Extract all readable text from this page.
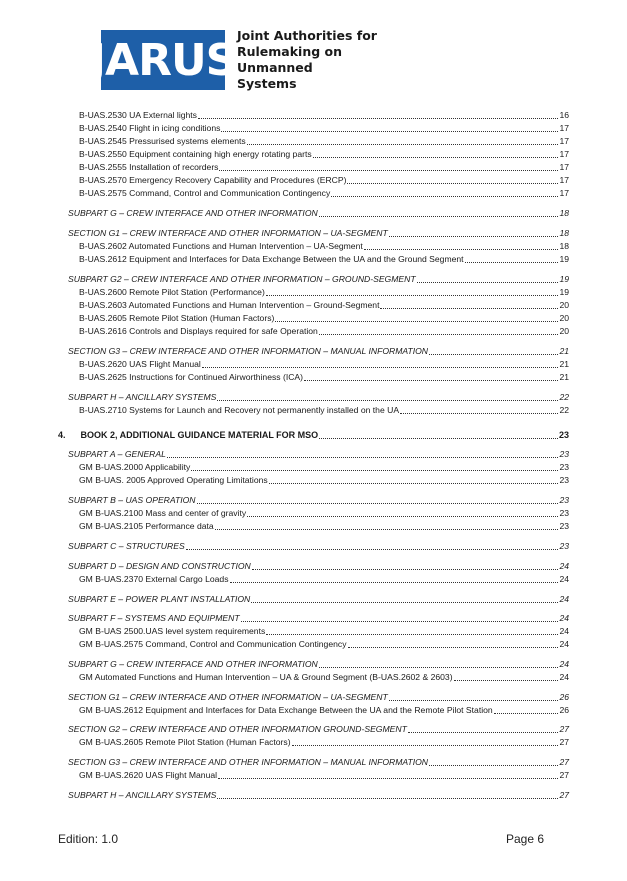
JARUS Joint Authorities for
Rulemaking on Unmanned
Systems
B-UAS.2530 UA External lights	16
B-UAS.2540 Flight in icing conditions	17
B-UAS.2545 Pressurised systems elements	17
B-UAS.2550 Equipment containing high energy rotating parts	17
B-UAS.2555 Installation of recorders	17
B-UAS.2570 Emergency Recovery Capability and Procedures (ERCP)	17
B-UAS.2575 Command, Control and Communication Contingency	17
SUBPART G – CREW INTERFACE AND OTHER INFORMATION	18
SECTION G1 – CREW INTERFACE AND OTHER INFORMATION – UA-SEGMENT	18
B-UAS.2602 Automated Functions and Human Intervention – UA-Segment	18
B-UAS.2612 Equipment and Interfaces for Data Exchange Between the UA and the Ground Segment	19
SUBPART G2 – CREW INTERFACE AND OTHER INFORMATION – GROUND-SEGMENT	19
B-UAS.2600 Remote Pilot Station (Performance)	19
B-UAS.2603 Automated Functions and Human Intervention – Ground-Segment	20
B-UAS.2605 Remote Pilot Station (Human Factors)	20
B-UAS.2616 Controls and Displays required for safe Operation	20
SECTION G3 – CREW INTERFACE AND OTHER INFORMATION – MANUAL INFORMATION	21
B-UAS.2620 UAS Flight Manual	21
B-UAS.2625 Instructions for Continued Airworthiness (ICA)	21
SUBPART H – ANCILLARY SYSTEMS	22
B-UAS.2710 Systems for Launch and Recovery not permanently installed on the UA	22
4.      BOOK 2, ADDITIONAL GUIDANCE MATERIAL FOR MSO	23
SUBPART A – GENERAL	23
GM B-UAS.2000 Applicability	23
GM B-UAS. 2005 Approved Operating Limitations	23
SUBPART B – UAS OPERATION	23
GM B-UAS.2100 Mass and center of gravity	23
GM B-UAS.2105 Performance data	23
SUBPART C – STRUCTURES	23
SUBPART D – DESIGN AND CONSTRUCTION	24
GM B-UAS.2370 External Cargo Loads	24
SUBPART E – POWER PLANT INSTALLATION	24
SUBPART F – SYSTEMS AND EQUIPMENT	24
GM B-UAS 2500.UAS level system requirements	24
GM B-UAS.2575 Command, Control and Communication Contingency	24
SUBPART G – CREW INTERFACE AND OTHER INFORMATION	24
GM Automated Functions and Human Intervention – UA & Ground Segment (B-UAS.2602 & 2603)	24
SECTION G1 – CREW INTERFACE AND OTHER INFORMATION – UA-SEGMENT	26
GM B-UAS.2612 Equipment and Interfaces for Data Exchange Between the UA and the Remote Pilot Station	26
SECTION G2 – CREW INTERFACE AND OTHER INFORMATION GROUND-SEGMENT	27
GM B-UAS.2605 Remote Pilot Station (Human Factors)	27
SECTION G3 – CREW INTERFACE AND OTHER INFORMATION – MANUAL INFORMATION	27
GM B-UAS.2620 UAS Flight Manual	27
SUBPART H – ANCILLARY SYSTEMS	27
Edition: 1.0	Page 6
